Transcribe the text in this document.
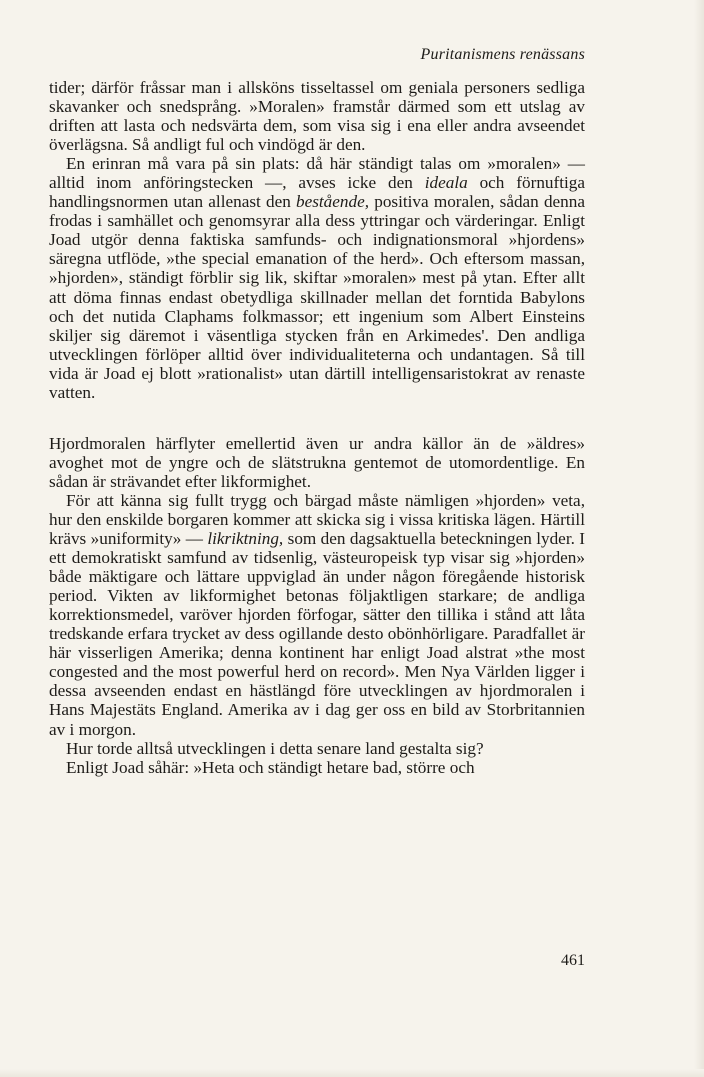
Puritanismens renässans

tider; därför fråssar man i allsköns tisseltassel om geniala personers sedliga skavanker och snedsprång. »Moralen» framstår därmed som ett utslag av driften att lasta och nedsvärta dem, som visa sig i ena eller andra avseendet överlägsna. Så andligt ful och vindögd är den.

En erinran må vara på sin plats: då här ständigt talas om »moralen» — alltid inom anföringstecken —, avses icke den ideala och förnuftiga handlingsnormen utan allenast den bestående, positiva moralen, sådan denna frodas i samhället och genomsyrar alla dess yttringar och värderingar. Enligt Joad utgör denna faktiska samfunds- och indignationsmoral »hjordens» säregna utflöde, »the special emanation of the herd». Och eftersom massan, »hjorden», ständigt förblir sig lik, skiftar »moralen» mest på ytan. Efter allt att döma finnas endast obetydliga skillnader mellan det forntida Babylons och det nutida Claphams folkmassor; ett ingenium som Albert Einsteins skiljer sig däremot i väsentliga stycken från en Arkimedes'. Den andliga utvecklingen förlöper alltid över individualiteterna och undantagen. Så till vida är Joad ej blott »rationalist» utan därtill intelligensaristokrat av renaste vatten.

Hjordmoralen härflyter emellertid även ur andra källor än de »äldres» avoghet mot de yngre och de slätstrukna gentemot de utomordentlige. En sådan är strävandet efter likformighet.

För att känna sig fullt trygg och bärgad måste nämligen »hjorden» veta, hur den enskilde borgaren kommer att skicka sig i vissa kritiska lägen. Härtill krävs »uniformity» — likriktning, som den dagsaktuella beteckningen lyder. I ett demokratiskt samfund av tidsenlig, västeuropeisk typ visar sig »hjorden» både mäktigare och lättare uppviglad än under någon föregående historisk period. Vikten av likformighet betonas följaktligen starkare; de andliga korrektionsmedel, varöver hjorden förfogar, sätter den tillika i stånd att låta tredskande erfara trycket av dess ogillande desto obönhörligare. Paradfallet är här visserligen Amerika; denna kontinent har enligt Joad alstrat »the most congested and the most powerful herd on record». Men Nya Världen ligger i dessa avseenden endast en hästlängd före utvecklingen av hjordmoralen i Hans Majestäts England. Amerika av i dag ger oss en bild av Storbritannien av i morgon.

Hur torde alltså utvecklingen i detta senare land gestalta sig?

Enligt Joad såhär: »Heta och ständigt hetare bad, större och

461
